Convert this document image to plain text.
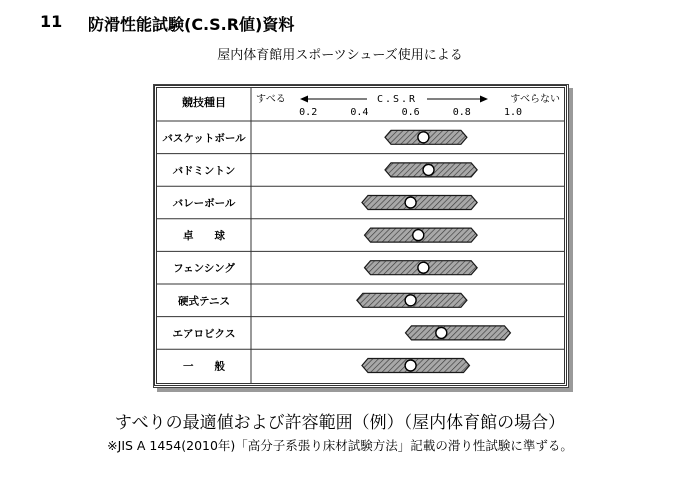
11 防滑性能試験(C.S.R値)資料
屋内体育館用スポーツシューズ使用による
競技種目	すべる	C.S.R	すべらない
0.2	0.4	0.6	0.8	1.0
バスケットボール
バドミントン
バレーボール
卓　　球
フェンシング
硬式テニス
エアロビクス
一　　般
すべりの最適値および許容範囲（例）（屋内体育館の場合）
※JIS A 1454(2010年)「高分子系張り床材試験方法」記載の滑り性試験に準ずる。
